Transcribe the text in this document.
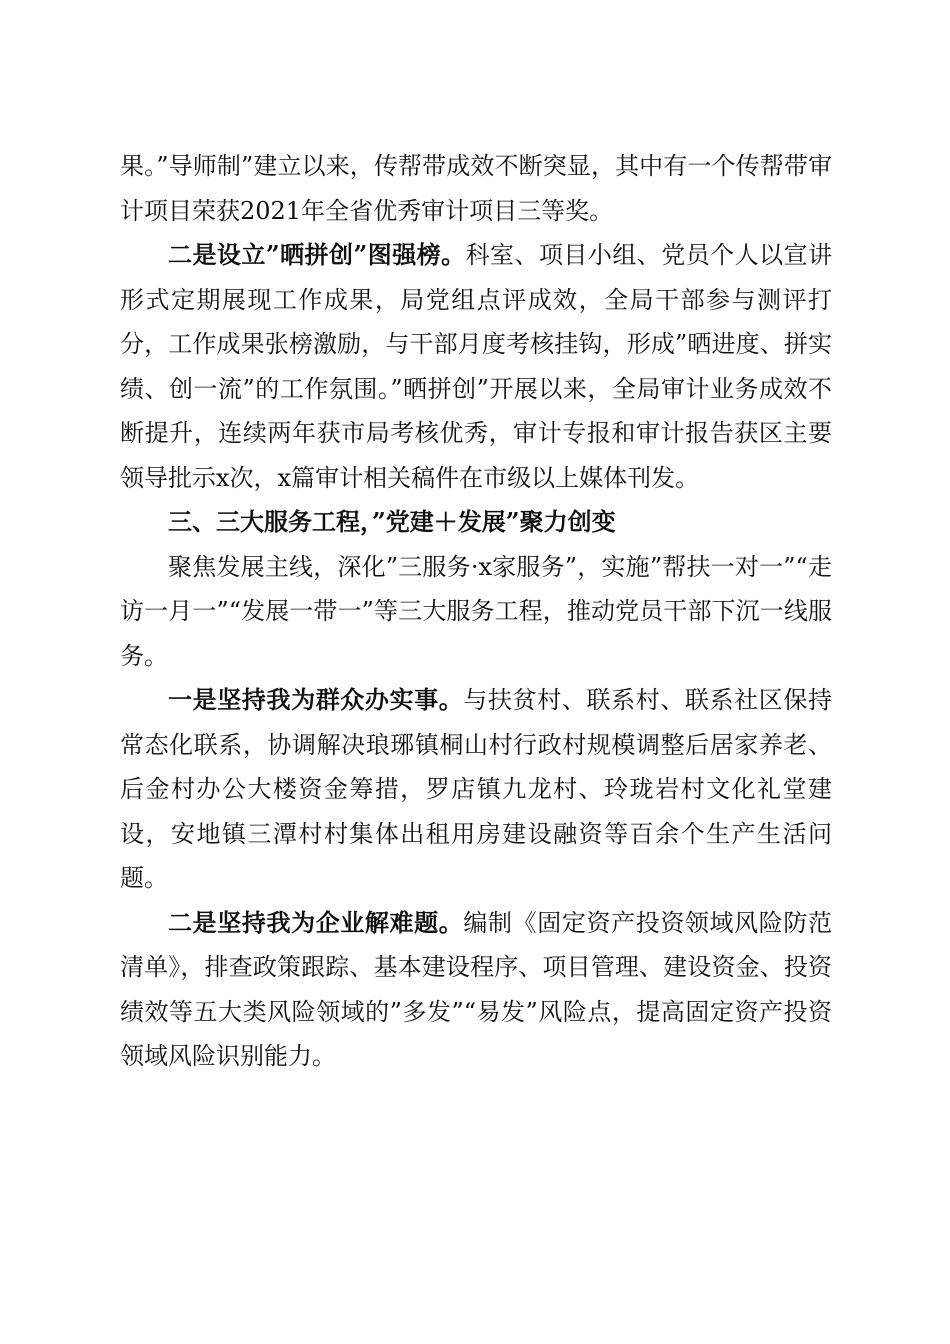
果。”导师制”建立以来，传帮带成效不断突显，其中有一个传帮带审计项目荣获2021年全省优秀审计项目三等奖。

二是设立”晒拼创”图强榜。科室、项目小组、党员个人以宣讲形式定期展现工作成果，局党组点评成效，全局干部参与测评打分，工作成果张榜激励，与干部月度考核挂钩，形成”晒进度、拼实绩、创一流”的工作氛围。”晒拼创”开展以来，全局审计业务成效不断提升，连续两年获市局考核优秀，审计专报和审计报告获区主要领导批示x次，x篇审计相关稿件在市级以上媒体刊发。

三、三大服务工程，”党建＋发展”聚力创变

聚焦发展主线，深化”三服务·x家服务”，实施”帮扶一对一”“走访一月一”“发展一带一”等三大服务工程，推动党员干部下沉一线服务。

一是坚持我为群众办实事。与扶贫村、联系村、联系社区保持常态化联系，协调解决琅琊镇桐山村行政村规模调整后居家养老、后金村办公大楼资金筹措，罗店镇九龙村、玲珑岩村文化礼堂建设，安地镇三潭村村集体出租用房建设融资等百余个生产生活问题。

二是坚持我为企业解难题。编制《固定资产投资领域风险防范清单》，排查政策跟踪、基本建设程序、项目管理、建设资金、投资绩效等五大类风险领域的”多发”“易发”风险点，提高固定资产投资领域风险识别能力。
